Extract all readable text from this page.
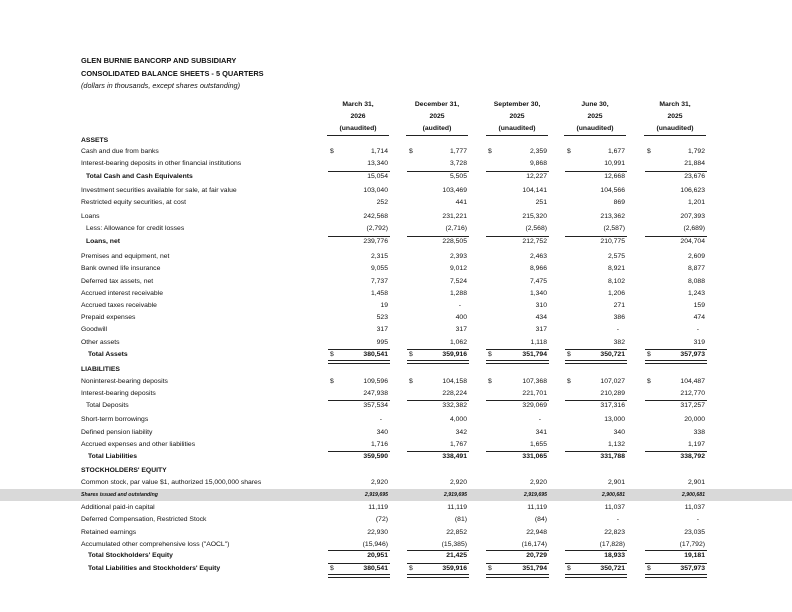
GLEN BURNIE BANCORP AND SUBSIDIARY
CONSOLIDATED BALANCE SHEETS - 5 QUARTERS
(dollars in thousands, except shares outstanding)
March 31,
2026
(unaudited)
December 31,
2025
(audited)
September 30,
2025
(unaudited)
June 30,
2025
(unaudited)
March 31,
2025
(unaudited)
ASSETS
Cash and due from banks	$	1,714	$	1,777	$	2,359	$	1,677	$	1,792
Interest-bearing deposits in other financial institutions	13,340	3,728	9,868	10,991	21,884
Total Cash and Cash Equivalents	15,054	5,505	12,227	12,668	23,676
Investment securities available for sale, at fair value	103,040	103,469	104,141	104,566	106,623
Restricted equity securities, at cost	252	441	251	869	1,201
Loans	242,568	231,221	215,320	213,362	207,393
Less: Allowance for credit losses	(2,792)	(2,716)	(2,568)	(2,587)	(2,689)
Loans, net	239,776	228,505	212,752	210,775	204,704
Premises and equipment, net	2,315	2,393	2,463	2,575	2,609
Bank owned life insurance	9,055	9,012	8,966	8,921	8,877
Deferred tax assets, net	7,737	7,524	7,475	8,102	8,088
Accrued interest receivable	1,458	1,288	1,340	1,206	1,243
Accrued taxes receivable	19	-	310	271	159
Prepaid expenses	523	400	434	386	474
Goodwill	317	317	317	-	-
Other assets	995	1,062	1,118	382	319
Total Assets	$	380,541	$	359,916	$	351,794	$	350,721	$	357,973
LIABILITIES
Noninterest-bearing deposits	$	109,596	$	104,158	$	107,368	$	107,027	$	104,487
Interest-bearing deposits	247,938	228,224	221,701	210,289	212,770
Total Deposits	357,534	332,382	329,069	317,316	317,257
Short-term borrowings	-	4,000	-	13,000	20,000
Defined pension liability	340	342	341	340	338
Accrued expenses and other liabilities	1,716	1,767	1,655	1,132	1,197
Total Liabilities	359,590	338,491	331,065	331,788	338,792
STOCKHOLDERS' EQUITY
Common stock, par value $1, authorized 15,000,000 shares	2,920	2,920	2,920	2,901	2,901
Shares issued and outstanding	2,919,695	2,919,695	2,919,695	2,900,681	2,900,681
Additional paid-in capital	11,119	11,119	11,119	11,037	11,037
Deferred Compensation, Restricted Stock	(72)	(81)	(84)	-	-
Retained earnings	22,930	22,852	22,948	22,823	23,035
Accumulated other comprehensive loss ("AOCL")	(15,946)	(15,385)	(16,174)	(17,828)	(17,792)
Total Stockholders' Equity	20,951	21,425	20,729	18,933	19,181
Total Liabilities and Stockholders' Equity	$	380,541	$	359,916	$	351,794	$	350,721	$	357,973
